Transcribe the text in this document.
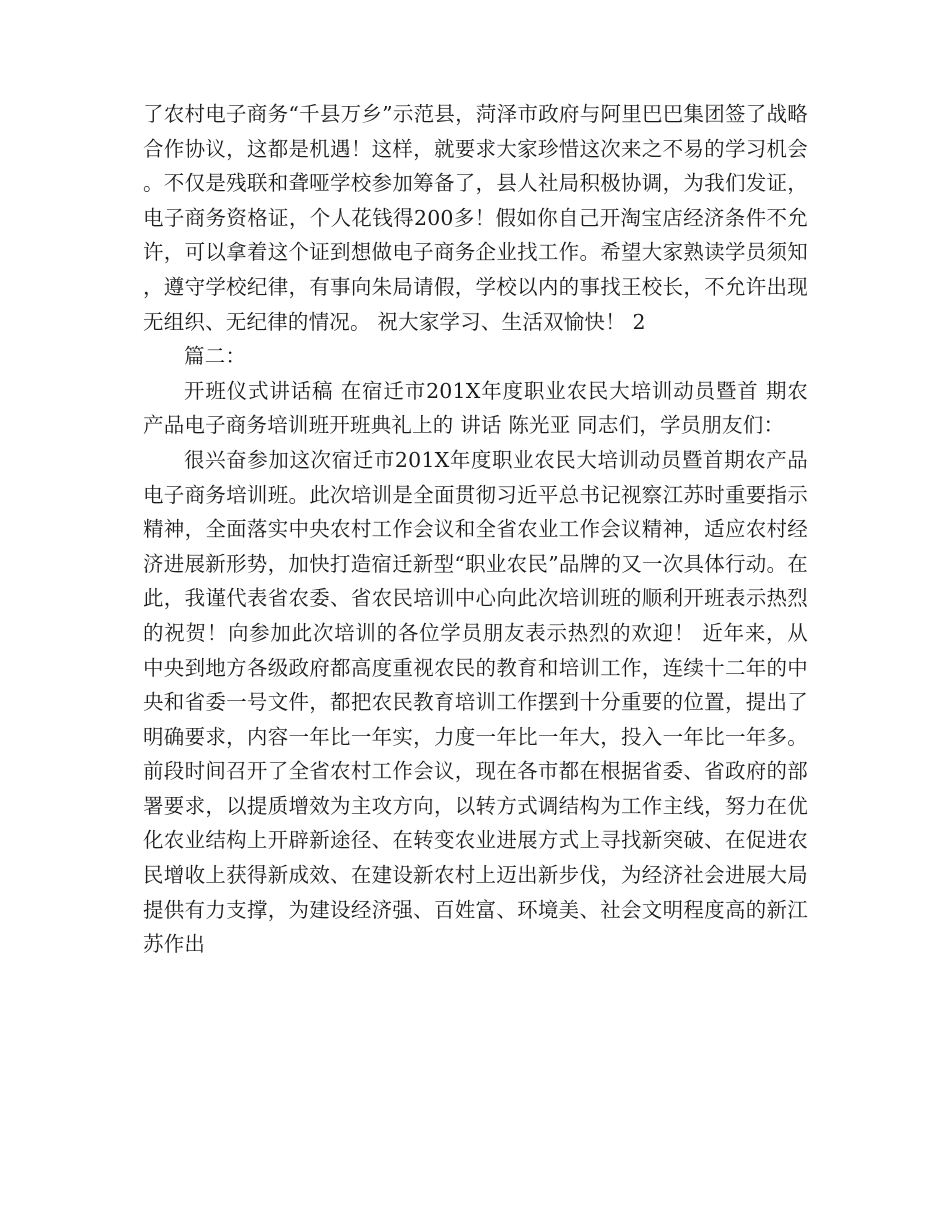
了农村电子商务“千县万乡”示范县，菏泽市政府与阿里巴巴集团签了战略合作协议，这都是机遇！这样，就要求大家珍惜这次来之不易的学习机会。不仅是残联和聋哑学校参加筹备了，县人社局积极协调，为我们发证，电子商务资格证，个人花钱得200多！假如你自己开淘宝店经济条件不允许，可以拿着这个证到想做电子商务企业找工作。希望大家熟读学员须知，遵守学校纪律，有事向朱局请假，学校以内的事找王校长，不允许出现无组织、无纪律的情况。 祝大家学习、生活双愉快！ 2

篇二：

开班仪式讲话稿 在宿迁市201X年度职业农民大培训动员暨首 期农产品电子商务培训班开班典礼上的 讲话 陈光亚 同志们，学员朋友们：

很兴奋参加这次宿迁市201X年度职业农民大培训动员暨首期农产品电子商务培训班。此次培训是全面贯彻习近平总书记视察江苏时重要指示精神，全面落实中央农村工作会议和全省农业工作会议精神，适应农村经济进展新形势，加快打造宿迁新型“职业农民”品牌的又一次具体行动。在此，我谨代表省农委、省农民培训中心向此次培训班的顺利开班表示热烈的祝贺！向参加此次培训的各位学员朋友表示热烈的欢迎！ 近年来，从中央到地方各级政府都高度重视农民的教育和培训工作，连续十二年的中央和省委一号文件，都把农民教育培训工作摆到十分重要的位置，提出了明确要求，内容一年比一年实，力度一年比一年大，投入一年比一年多。前段时间召开了全省农村工作会议，现在各市都在根据省委、省政府的部署要求，以提质增效为主攻方向，以转方式调结构为工作主线，努力在优化农业结构上开辟新途径、在转变农业进展方式上寻找新突破、在促进农民增收上获得新成效、在建设新农村上迈出新步伐，为经济社会进展大局提供有力支撑，为建设经济强、百姓富、环境美、社会文明程度高的新江苏作出
